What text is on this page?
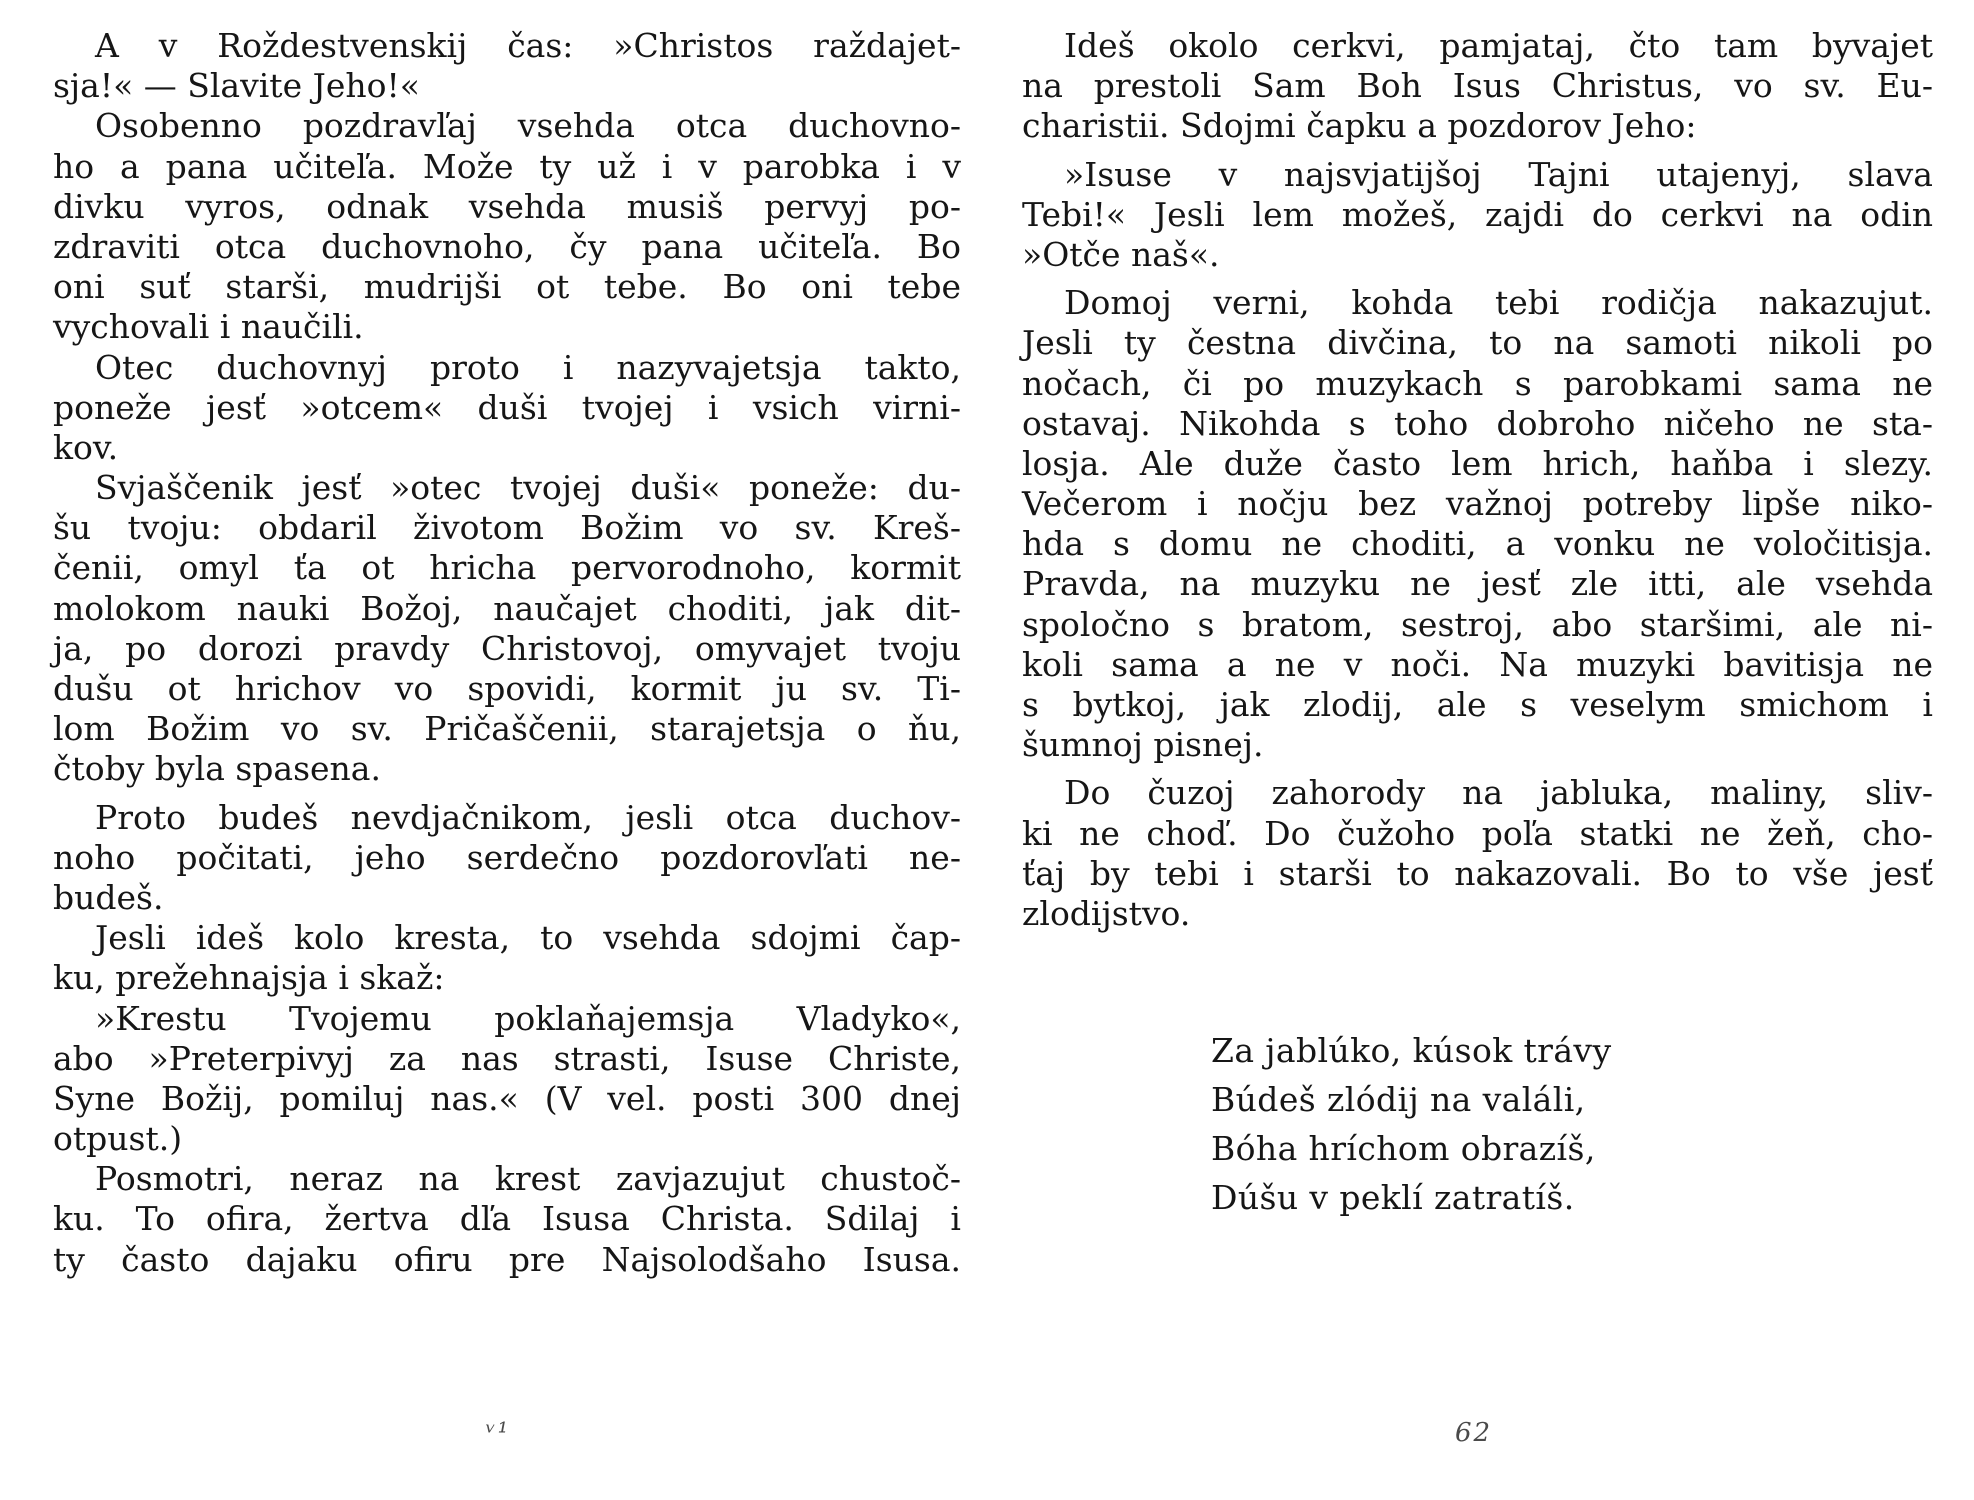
A v Roždestvenskij čas: »Christos raždajet-
sja!« — Slavite Jeho!«
Osobenno pozdravľaj vsehda otca duchovno-
ho a pana učiteľa. Može ty už i v parobka i v
divku vyros, odnak vsehda musiš pervyj po-
zdraviti otca duchovnoho, čy pana učiteľa. Bo
oni suť starši, mudrijši ot tebe. Bo oni tebe
vychovali i naučili.
Otec duchovnyj proto i nazyvajetsja takto,
poneže jesť »otcem« duši tvojej i vsich virni-
kov.
Svjaščenik jesť »otec tvojej duši« poneže: du-
šu tvoju: obdaril životom Božim vo sv. Kreš-
čenii, omyl ťa ot hricha pervorodnoho, kormit
molokom nauki Božoj, naučajet choditi, jak dit-
ja, po dorozi pravdy Christovoj, omyvajet tvoju
dušu ot hrichov vo spovidi, kormit ju sv. Ti-
lom Božim vo sv. Pričaščenii, starajetsja o ňu,
čtoby byla spasena.
Proto budeš nevdjačnikom, jesli otca duchov-
noho počitati, jeho serdečno pozdorovľati ne-
budeš.
Jesli ideš kolo kresta, to vsehda sdojmi čap-
ku, prežehnajsja i skaž:
»Krestu Tvojemu poklaňajemsja Vladyko«,
abo »Preterpivyj za nas strasti, Isuse Christe,
Syne Božij, pomiluj nas.« (V vel. posti 300 dnej
otpust.)
Posmotri, neraz na krest zavjazujut chustoč-
ku. To ofira, žertva dľa Isusa Christa. Sdilaj i
ty často dajaku ofiru pre Najsolodšaho Isusa.
ᵛ¹
Ideš okolo cerkvi, pamjataj, čto tam byvajet
na prestoli Sam Boh Isus Christus, vo sv. Eu-
charistii. Sdojmi čapku a pozdorov Jeho:
»Isuse v najsvjatijšoj Tajni utajenyj, slava
Tebi!« Jesli lem možeš, zajdi do cerkvi na odin
»Otče naš«.
Domoj verni, kohda tebi rodičja nakazujut.
Jesli ty čestna divčina, to na samoti nikoli po
nočach, či po muzykach s parobkami sama ne
ostavaj. Nikohda s toho dobroho ničeho ne sta-
losja. Ale duže často lem hrich, haňba i slezy.
Večerom i nočju bez važnoj potreby lipše niko-
hda s domu ne choditi, a vonku ne voločitisja.
Pravda, na muzyku ne jesť zle itti, ale vsehda
spoločno s bratom, sestroj, abo staršimi, ale ni-
koli sama a ne v noči. Na muzyki bavitisja ne
s bytkoj, jak zlodij, ale s veselym smichom i
šumnoj pisnej.
Do čuzoj zahorody na jabluka, maliny, sliv-
ki ne choď. Do čužoho poľa statki ne žeň, cho-
ťaj by tebi i starši to nakazovali. Bo to vše jesť
zlodijstvo.
Za jablúko, kúsok trávy
Búdeš zlódij na valáli,
Bóha hríchom obrazíš,
Dúšu v peklí zatratíš.
62
